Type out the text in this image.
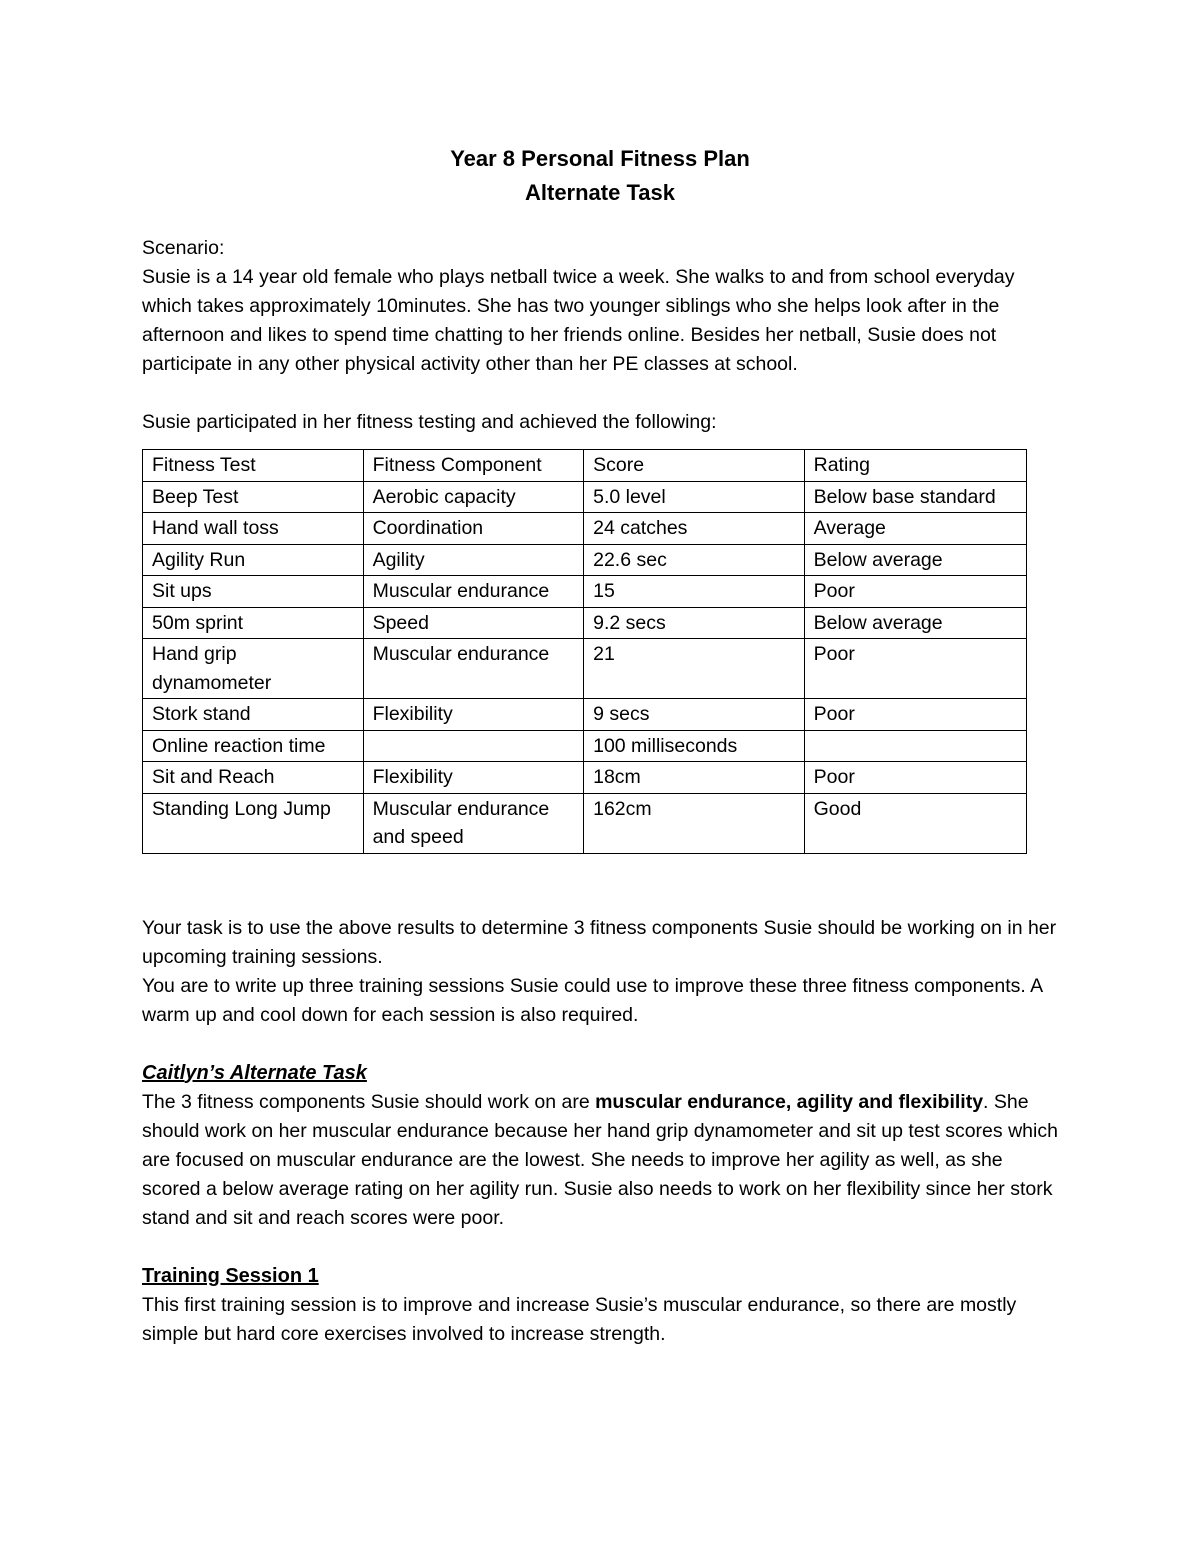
Year 8 Personal Fitness Plan
Alternate Task

Scenario:

Susie is a 14 year old female who plays netball twice a week. She walks to and from school everyday which takes approximately 10minutes. She has two younger siblings who she helps look after in the afternoon and likes to spend time chatting to her friends online. Besides her netball, Susie does not participate in any other physical activity other than her PE classes at school.

Susie participated in her fitness testing and achieved the following:

Fitness Test	Fitness Component	Score	Rating
Beep Test	Aerobic capacity	5.0 level	Below base standard
Hand wall toss	Coordination	24 catches	Average
Agility Run	Agility	22.6 sec	Below average
Sit ups	Muscular endurance	15	Poor
50m sprint	Speed	9.2 secs	Below average
Hand grip dynamometer	Muscular endurance	21	Poor
Stork stand	Flexibility	9 secs	Poor
Online reaction time		100 milliseconds	
Sit and Reach	Flexibility	18cm	Poor
Standing Long Jump	Muscular endurance and speed	162cm	Good

Your task is to use the above results to determine 3 fitness components Susie should be working on in her upcoming training sessions.

You are to write up three training sessions Susie could use to improve these three fitness components. A warm up and cool down for each session is also required.

Caitlyn’s Alternate Task

The 3 fitness components Susie should work on are muscular endurance, agility and flexibility. She should work on her muscular endurance because her hand grip dynamometer and sit up test scores which are focused on muscular endurance are the lowest. She needs to improve her agility as well, as she scored a below average rating on her agility run. Susie also needs to work on her flexibility since her stork stand and sit and reach scores were poor.

Training Session 1

This first training session is to improve and increase Susie’s muscular endurance, so there are mostly simple but hard core exercises involved to increase strength.
